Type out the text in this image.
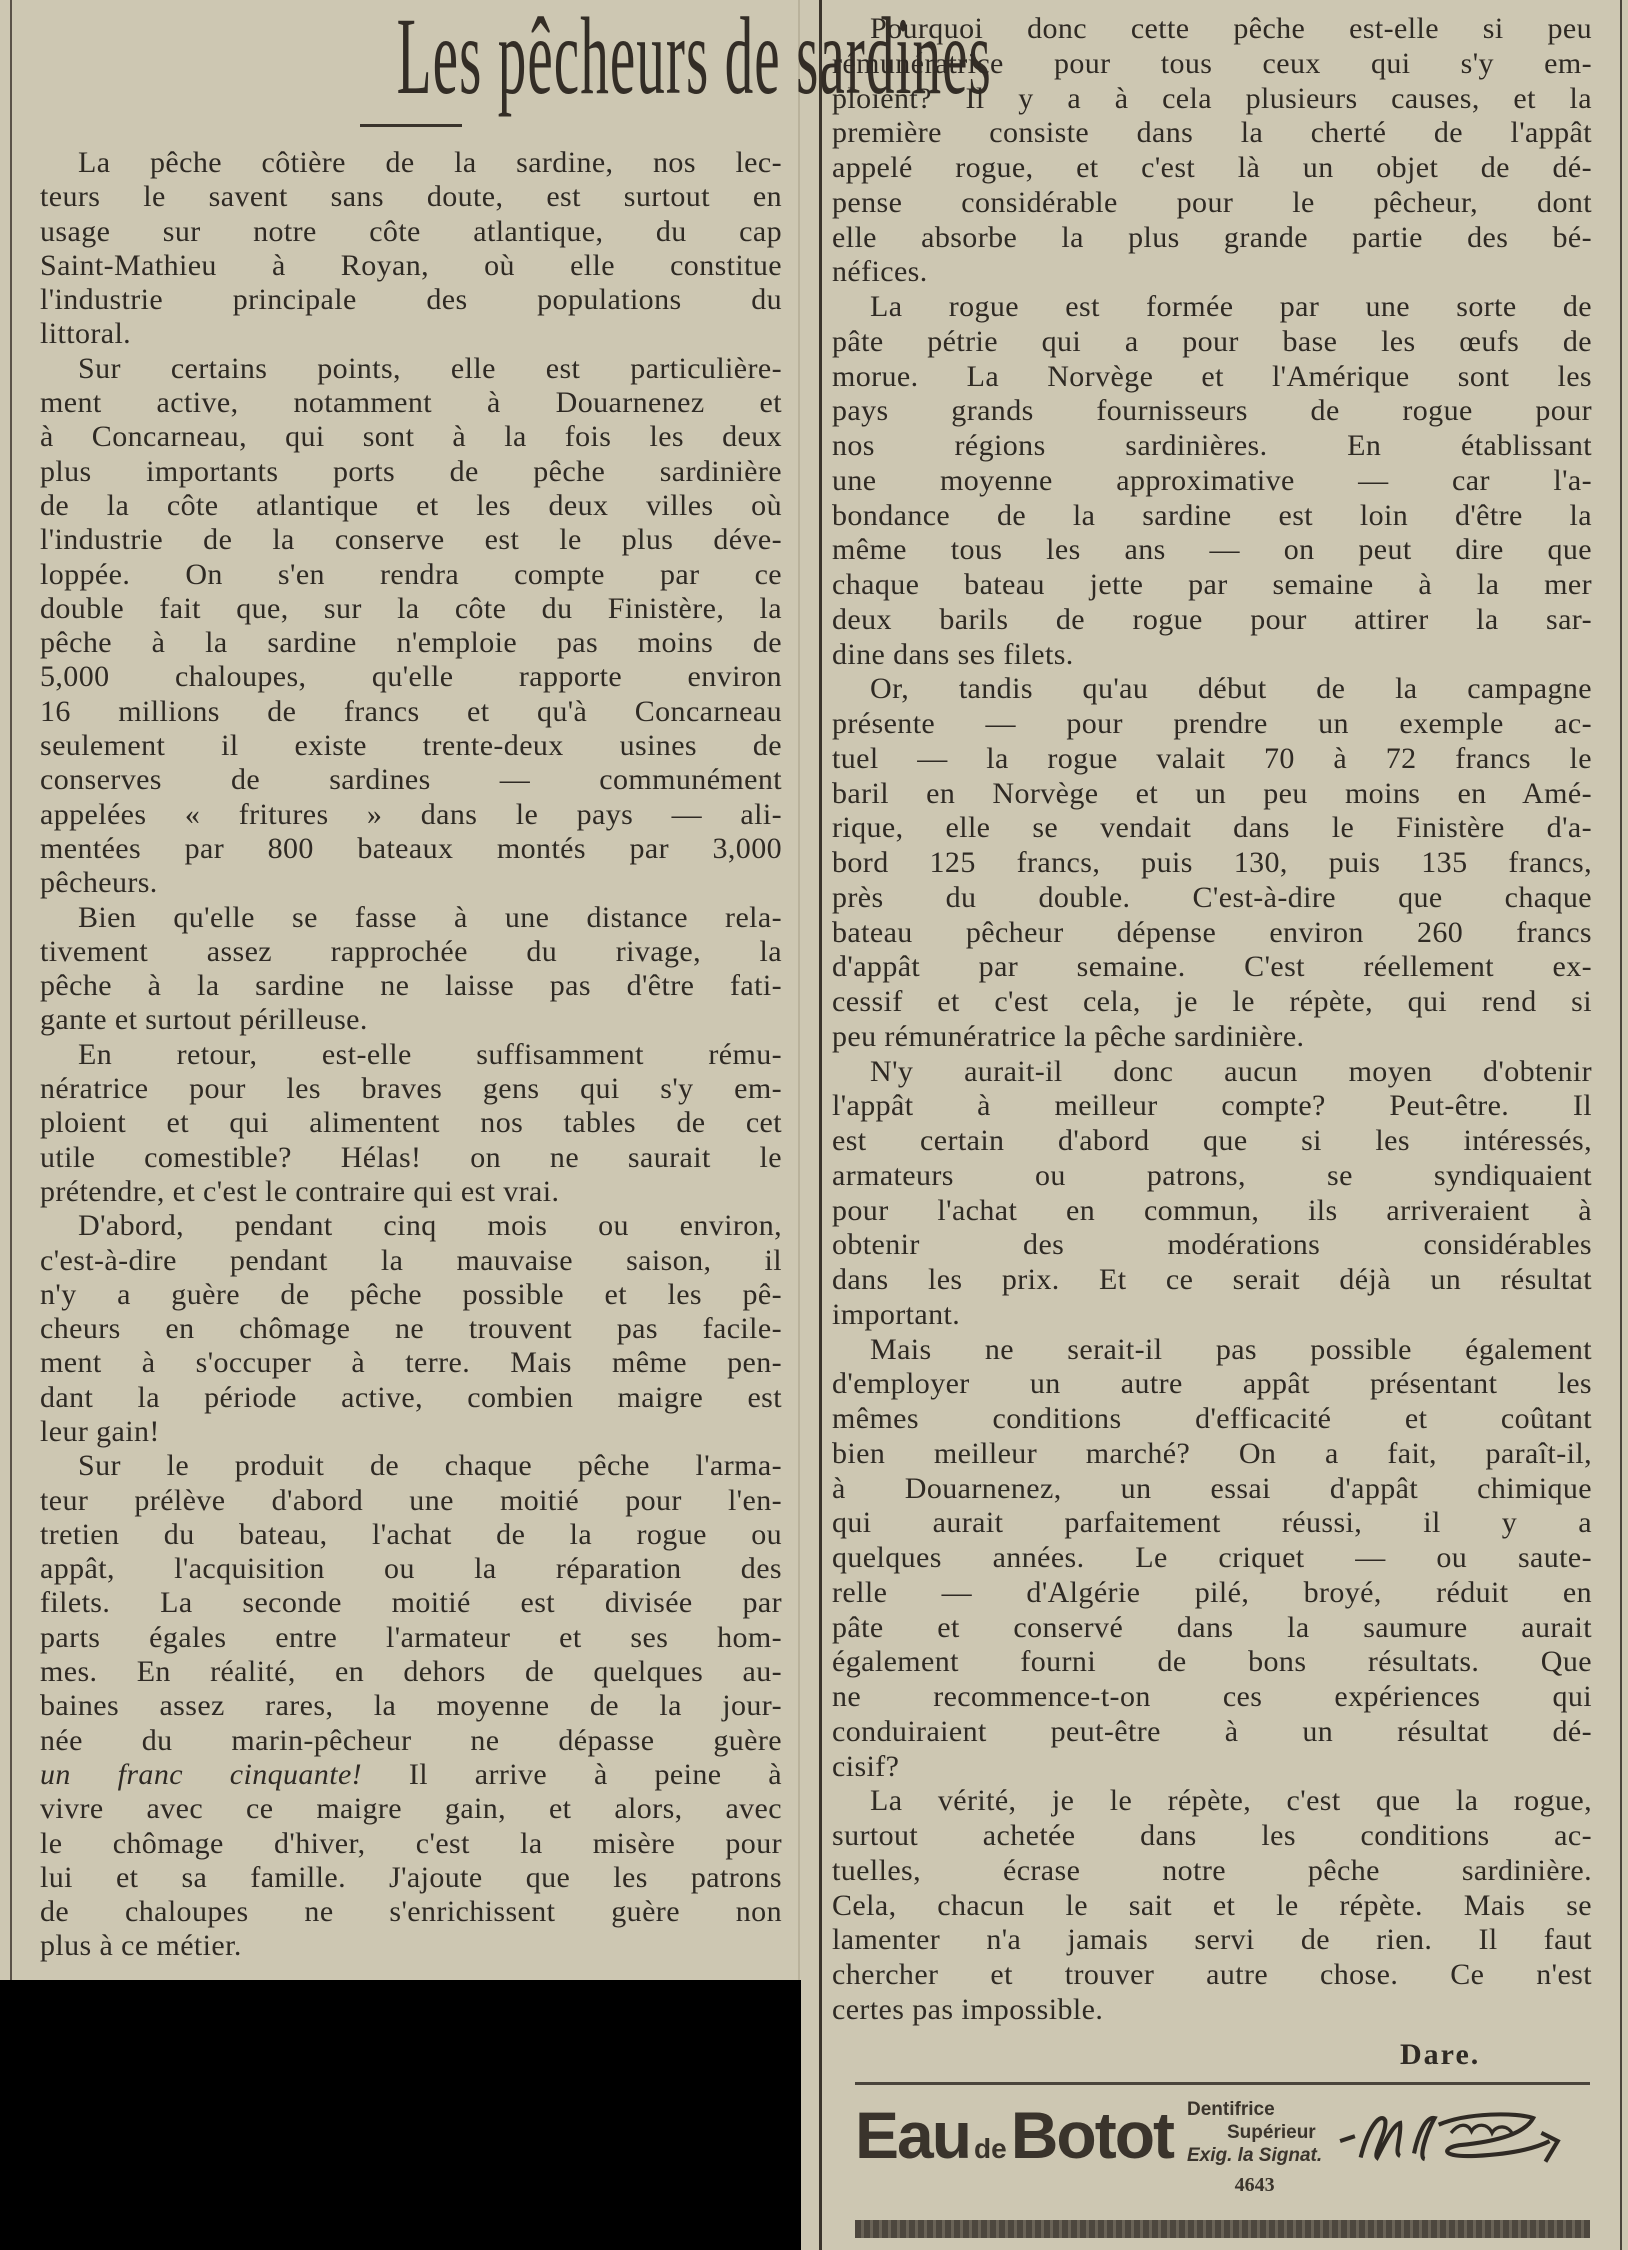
Les pêcheurs de sardines
La pêche côtière de la sardine, nos lec-
teurs le savent sans doute, est surtout en
usage sur notre côte atlantique, du cap
Saint-Mathieu à Royan, où elle constitue
l'industrie principale des populations du
littoral.
Sur certains points, elle est particulière-
ment active, notamment à Douarnenez et
à Concarneau, qui sont à la fois les deux
plus importants ports de pêche sardinière
de la côte atlantique et les deux villes où
l'industrie de la conserve est le plus déve-
loppée. On s'en rendra compte par ce
double fait que, sur la côte du Finistère, la
pêche à la sardine n'emploie pas moins de
5,000 chaloupes, qu'elle rapporte environ
16 millions de francs et qu'à Concarneau
seulement il existe trente-deux usines de
conserves de sardines — communément
appelées « fritures » dans le pays — ali-
mentées par 800 bateaux montés par 3,000
pêcheurs.
Bien qu'elle se fasse à une distance rela-
tivement assez rapprochée du rivage, la
pêche à la sardine ne laisse pas d'être fati-
gante et surtout périlleuse.
En retour, est-elle suffisamment rému-
nératrice pour les braves gens qui s'y em-
ploient et qui alimentent nos tables de cet
utile comestible? Hélas! on ne saurait le
prétendre, et c'est le contraire qui est vrai.
D'abord, pendant cinq mois ou environ,
c'est-à-dire pendant la mauvaise saison, il
n'y a guère de pêche possible et les pê-
cheurs en chômage ne trouvent pas facile-
ment à s'occuper à terre. Mais même pen-
dant la période active, combien maigre est
leur gain!
Sur le produit de chaque pêche l'arma-
teur prélève d'abord une moitié pour l'en-
tretien du bateau, l'achat de la rogue ou
appât, l'acquisition ou la réparation des
filets. La seconde moitié est divisée par
parts égales entre l'armateur et ses hom-
mes. En réalité, en dehors de quelques au-
baines assez rares, la moyenne de la jour-
née du marin-pêcheur ne dépasse guère
un franc cinquante! Il arrive à peine à
vivre avec ce maigre gain, et alors, avec
le chômage d'hiver, c'est la misère pour
lui et sa famille. J'ajoute que les patrons
de chaloupes ne s'enrichissent guère non
plus à ce métier.
Pourquoi donc cette pêche est-elle si peu
rémunératrice pour tous ceux qui s'y em-
ploient? Il y a à cela plusieurs causes, et la
première consiste dans la cherté de l'appât
appelé rogue, et c'est là un objet de dé-
pense considérable pour le pêcheur, dont
elle absorbe la plus grande partie des bé-
néfices.
La rogue est formée par une sorte de
pâte pétrie qui a pour base les œufs de
morue. La Norvège et l'Amérique sont les
pays grands fournisseurs de rogue pour
nos régions sardinières. En établissant
une moyenne approximative — car l'a-
bondance de la sardine est loin d'être la
même tous les ans — on peut dire que
chaque bateau jette par semaine à la mer
deux barils de rogue pour attirer la sar-
dine dans ses filets.
Or, tandis qu'au début de la campagne
présente — pour prendre un exemple ac-
tuel — la rogue valait 70 à 72 francs le
baril en Norvège et un peu moins en Amé-
rique, elle se vendait dans le Finistère d'a-
bord 125 francs, puis 130, puis 135 francs,
près du double. C'est-à-dire que chaque
bateau pêcheur dépense environ 260 francs
d'appât par semaine. C'est réellement ex-
cessif et c'est cela, je le répète, qui rend si
peu rémunératrice la pêche sardinière.
N'y aurait-il donc aucun moyen d'obtenir
l'appât à meilleur compte? Peut-être. Il
est certain d'abord que si les intéressés,
armateurs ou patrons, se syndiquaient
pour l'achat en commun, ils arriveraient à
obtenir des modérations considérables
dans les prix. Et ce serait déjà un résultat
important.
Mais ne serait-il pas possible également
d'employer un autre appât présentant les
mêmes conditions d'efficacité et coûtant
bien meilleur marché? On a fait, paraît-il,
à Douarnenez, un essai d'appât chimique
qui aurait parfaitement réussi, il y a
quelques années. Le criquet — ou saute-
relle — d'Algérie pilé, broyé, réduit en
pâte et conservé dans la saumure aurait
également fourni de bons résultats. Que
ne recommence-t-on ces expériences qui
conduiraient peut-être à un résultat dé-
cisif?
La vérité, je le répète, c'est que la rogue,
surtout achetée dans les conditions ac-
tuelles, écrase notre pêche sardinière.
Cela, chacun le sait et le répète. Mais se
lamenter n'a jamais servi de rien. Il faut
chercher et trouver autre chose. Ce n'est
certes pas impossible.
Dare.
Eau de Botot Dentifrice
Supérieur
Exig. la Signat.
4643
